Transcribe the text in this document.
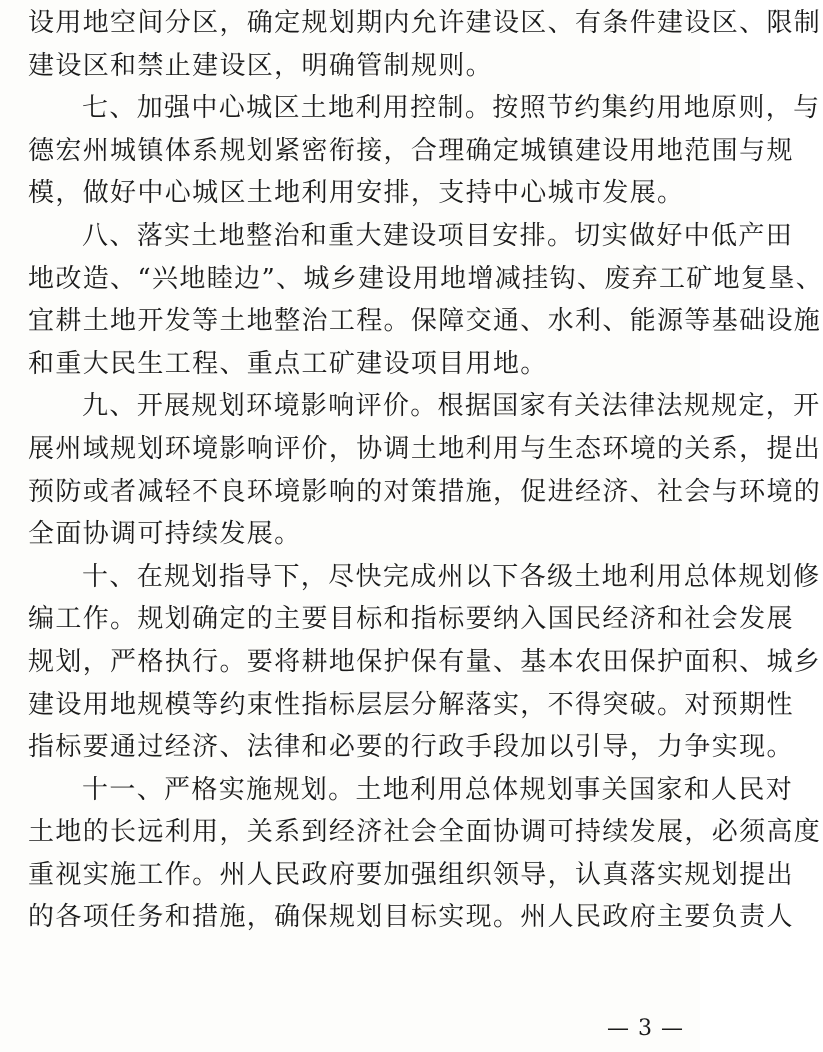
设用地空间分区，确定规划期内允许建设区、有条件建设区、限制
建设区和禁止建设区，明确管制规则。
七、加强中心城区土地利用控制。按照节约集约用地原则，与
德宏州城镇体系规划紧密衔接，合理确定城镇建设用地范围与规
模，做好中心城区土地利用安排，支持中心城市发展。
八、落实土地整治和重大建设项目安排。切实做好中低产田
地改造、“兴地睦边”、城乡建设用地增减挂钩、废弃工矿地复垦、
宜耕土地开发等土地整治工程。保障交通、水利、能源等基础设施
和重大民生工程、重点工矿建设项目用地。
九、开展规划环境影响评价。根据国家有关法律法规规定，开
展州域规划环境影响评价，协调土地利用与生态环境的关系，提出
预防或者减轻不良环境影响的对策措施，促进经济、社会与环境的
全面协调可持续发展。
十、在规划指导下，尽快完成州以下各级土地利用总体规划修
编工作。规划确定的主要目标和指标要纳入国民经济和社会发展
规划，严格执行。要将耕地保护保有量、基本农田保护面积、城乡
建设用地规模等约束性指标层层分解落实，不得突破。对预期性
指标要通过经济、法律和必要的行政手段加以引导，力争实现。
十一、严格实施规划。土地利用总体规划事关国家和人民对
土地的长远利用，关系到经济社会全面协调可持续发展，必须高度
重视实施工作。州人民政府要加强组织领导，认真落实规划提出
的各项任务和措施，确保规划目标实现。州人民政府主要负责人
— 3 —
